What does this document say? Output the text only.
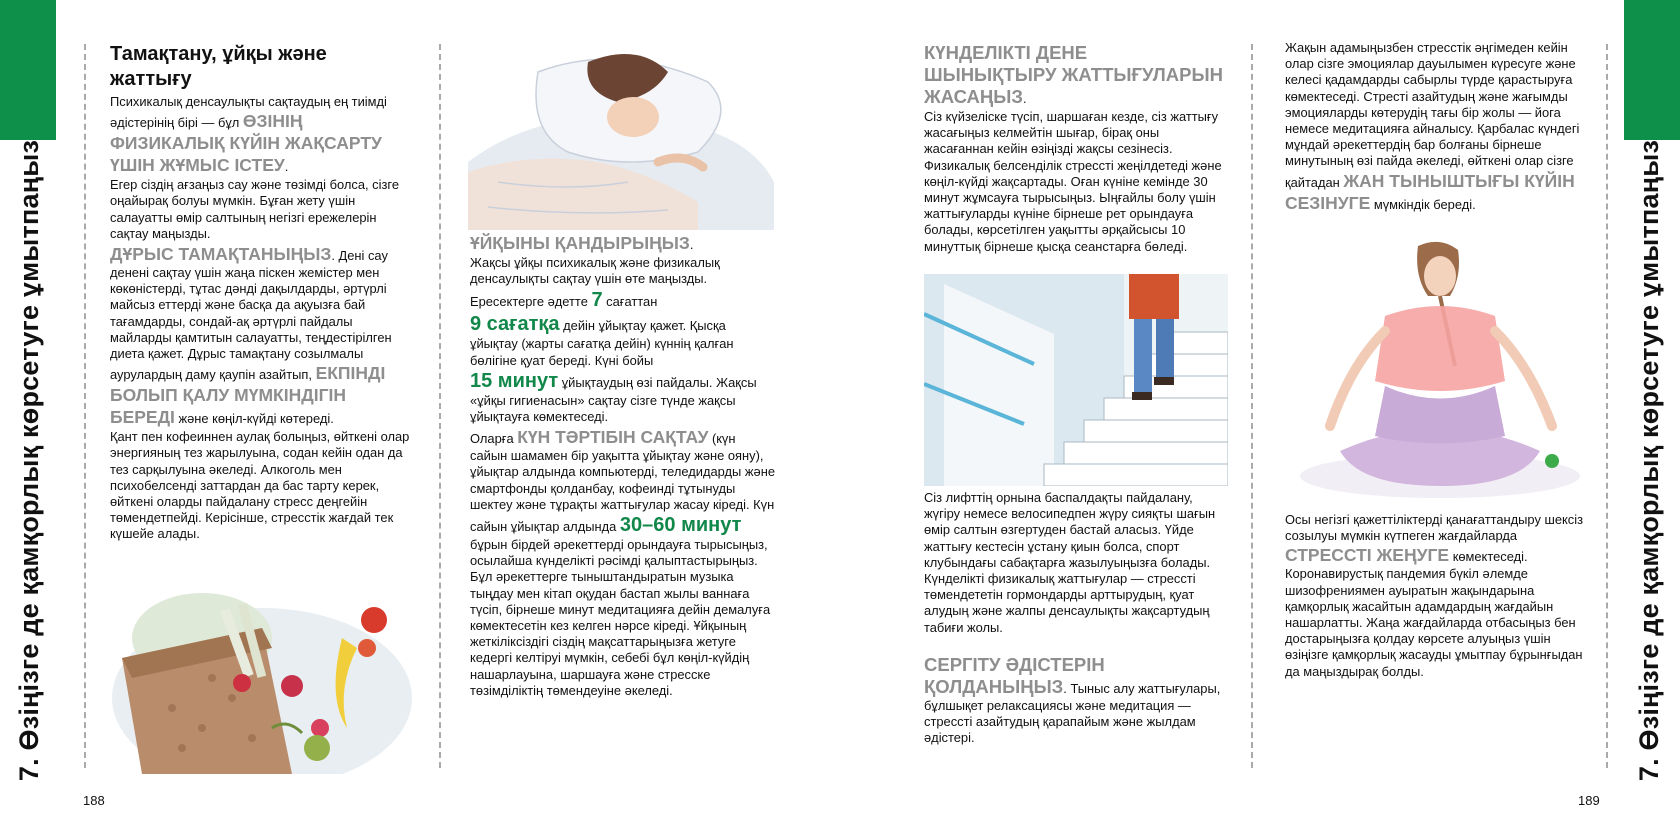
7. Өзіңізге де қамқорлық көрсетуге ұмытпаңыз	7. Өзіңізге де қамқорлық көрсетуге ұмытпаңыз
188	189
Тамақтану, ұйқы және жаттығу

Психикалық денсаулықты сақтаудың ең тиімді әдістерінің бірі — бұл ӨЗІНІҢ ФИЗИКАЛЫҚ КҮЙІН ЖАҚСАРТУ ҮШІН ЖҰМЫС ІСТЕУ.

Егер сіздің ағзаңыз сау және төзімді болса, сізге оңайырақ болуы мүмкін. Бұған жету үшін салауатты өмір салтының негізгі ережелерін сақтау маңызды.

ДҰРЫС ТАМАҚТАНЫҢЫЗ. Дені сау денені сақтау үшін жаңа піскен жемістер мен көкөністерді, тұтас дәнді дақылдарды, әртүрлі майсыз еттерді және басқа да ақуызға бай тағамдарды, сондай-ақ әртүрлі пайдалы майларды қамтитын салауатты, теңдестірілген диета қажет. Дұрыс тамақтану созылмалы аурулардың даму қаупін азайтып, ЕКПІНДІ БОЛЫП ҚАЛУ МҮМКІНДІГІН БЕРЕДІ және көңіл-күйді көтереді.

Қант пен кофеиннен аулақ болыңыз, өйткені олар энергияның тез жарылуына, содан кейін одан да тез сарқылуына әкеледі. Алкоголь мен психобелсенді заттардан да бас тарту керек, өйткені оларды пайдалану стресс деңгейін төмендетпейді. Керісінше, стресстік жағдай тек күшейе алады.

ҰЙҚЫНЫ ҚАНДЫРЫҢЫЗ.

Жақсы ұйқы психикалық және физикалық денсаулықты сақтау үшін өте маңызды.

Ересектерге әдетте 7 сағаттан
9 сағатқа дейін ұйықтау қажет. Қысқа ұйықтау (жарты сағатқа дейін) күннің қалған бөлігіне қуат береді. Күні бойы
15 минут ұйықтаудың өзі пайдалы. Жақсы «ұйқы гигиенасын» сақтау сізге түнде жақсы ұйықтауға көмектеседі.

Оларға КҮН ТӘРТІБІН САҚТАУ (күн сайын шамамен бір уақытта ұйықтау және ояну), ұйықтар алдында компьютерді, теледидарды және смартфонды қолданбау, кофеинді тұтынуды шектеу және тұрақты жаттығулар жасау кіреді. Күн сайын ұйықтар алдында 30–60 минут бұрын бірдей әрекеттерді орындауға тырысыңыз, осылайша күнделікті рәсімді қалыптастырыңыз. Бұл әрекеттерге тыныштандыратын музыка тыңдау мен кітап оқудан бастап жылы ваннаға түсіп, бірнеше минут медитацияға дейін демалуға көмектесетін кез келген нәрсе кіреді. Ұйқының жеткіліксіздігі сіздің мақсаттарыңызға жетуге кедергі келтіруі мүмкін, себебі бұл көңіл-күйдің нашарлауына, шаршауға және стресске төзімділіктің төмендеуіне әкеледі.

КҮНДЕЛІКТІ ДЕНЕ ШЫНЫҚТЫРУ ЖАТТЫҒУЛАРЫН ЖАСАҢЫЗ.

Сіз күйзеліске түсіп, шаршаған кезде, сіз жаттығу жасағыңыз келмейтін шығар, бірақ оны жасағаннан кейін өзіңізді жақсы сезінесіз. Физикалық белсенділік стрессті жеңілдетеді және көңіл-күйді жақсартады. Оған күніне кемінде 30 минут жұмсауға тырысыңыз. Ыңғайлы болу үшін жаттығуларды күніне бірнеше рет орындауға болады, көрсетілген уақытты әрқайсысы 10 минуттық бірнеше қысқа сеанстарға бөледі.

Сіз лифттің орнына баспалдақты пайдалану, жүгіру немесе велосипедпен жүру сияқты шағын өмір салтын өзгертуден бастай аласыз. Үйде жаттығу кестесін ұстану қиын болса, спорт клубындағы сабақтарға жазылуыңызға болады. Күнделікті физикалық жаттығулар — стрессті төмендететін гормондарды арттырудың, қуат алудың және жалпы денсаулықты жақсартудың табиғи жолы.

СЕРГІТУ ӘДІСТЕРІН ҚОЛДАНЫҢЫЗ. Тыныс алу жаттығулары, бұлшықет релаксациясы және медитация — стрессті азайтудың қарапайым және жылдам әдістері.

Жақын адамыңызбен стресстік әңгімеден кейін олар сізге эмоциялар дауылымен күресуге және келесі қадамдарды сабырлы түрде қарастыруға көмектеседі. Стресті азайтудың және жағымды эмоцияларды көтерудің тағы бір жолы — йога немесе медитацияға айналысу. Қарбалас күндегі мұндай әрекеттердің бар болғаны бірнеше минутының өзі пайда әкеледі, өйткені олар сізге қайтадан ЖАН ТЫНЫШТЫҒЫ КҮЙІН СЕЗІНУГЕ мүмкіндік береді.

Осы негізгі қажеттіліктерді қанағаттандыру шексіз созылуы мүмкін күтпеген жағдайларда СТРЕССТІ ЖЕҢУГЕ көмектеседі. Коронавирустық пандемия бүкіл әлемде шизофрениямен ауыратын жақындарына қамқорлық жасайтын адамдардың жағдайын нашарлатты. Жаңа жағдайларда отбасыңыз бен достарыңызға қолдау көрсете алуыңыз үшін өзіңізге қамқорлық жасауды ұмытпау бұрынғыдан да маңыздырақ болды.
